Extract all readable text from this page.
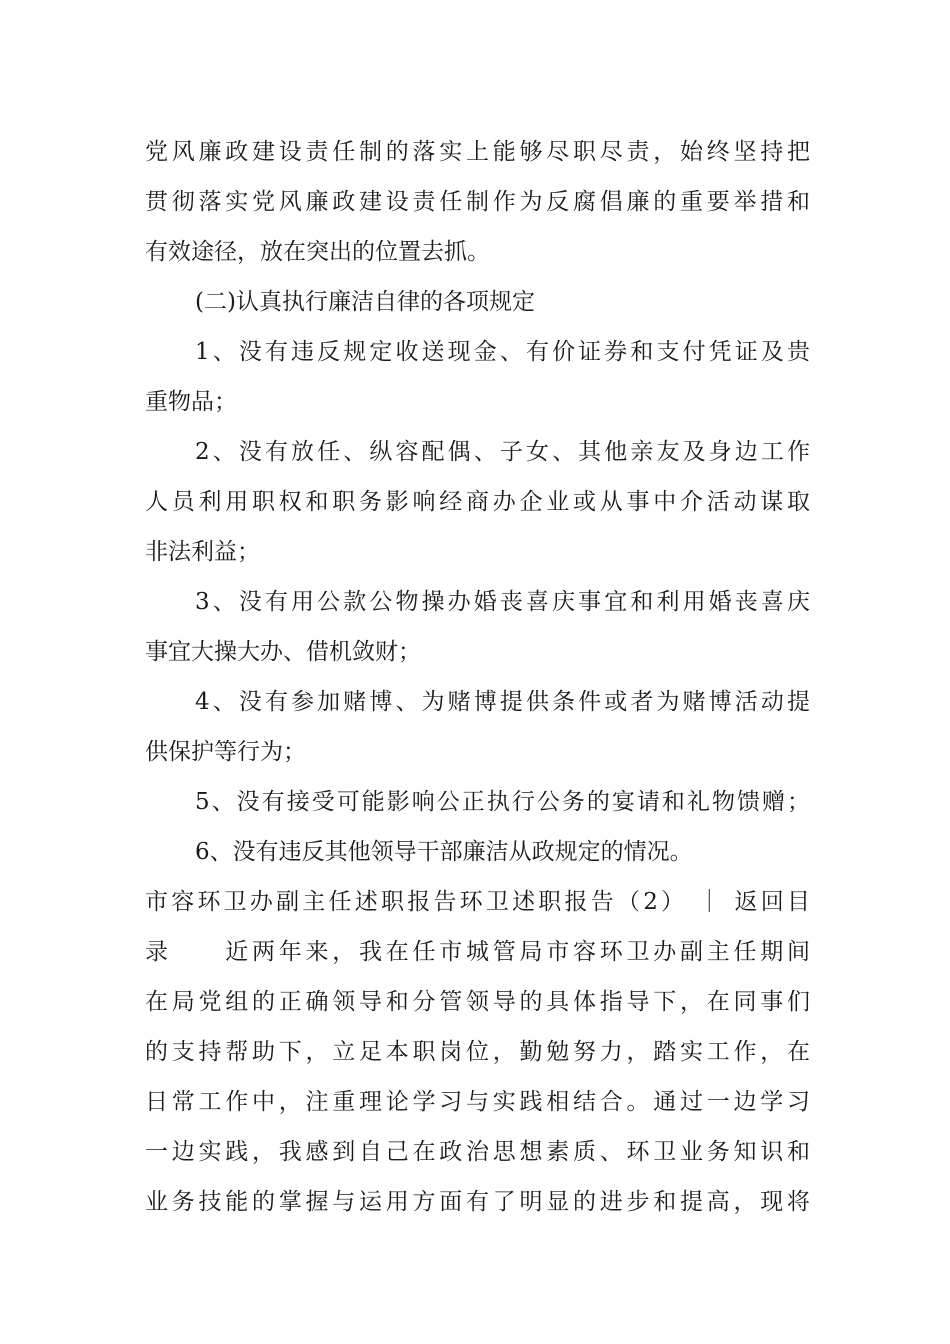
党风廉政建设责任制的落实上能够尽职尽责，始终坚持把
贯彻落实党风廉政建设责任制作为反腐倡廉的重要举措和
有效途径，放在突出的位置去抓。
(二)认真执行廉洁自律的各项规定
1、没有违反规定收送现金、有价证券和支付凭证及贵
重物品；
2、没有放任、纵容配偶、子女、其他亲友及身边工作
人员利用职权和职务影响经商办企业或从事中介活动谋取
非法利益；
3、没有用公款公物操办婚丧喜庆事宜和利用婚丧喜庆
事宜大操大办、借机敛财；
4、没有参加赌博、为赌博提供条件或者为赌博活动提
供保护等行为；
5、没有接受可能影响公正执行公务的宴请和礼物馈赠；
6、没有违反其他领导干部廉洁从政规定的情况。
市容环卫办副主任述职报告环卫述职报告（2） ｜ 返回目
录　　近两年来，我在任市城管局市容环卫办副主任期间
在局党组的正确领导和分管领导的具体指导下，在同事们
的支持帮助下，立足本职岗位，勤勉努力，踏实工作，在
日常工作中，注重理论学习与实践相结合。通过一边学习
一边实践，我感到自己在政治思想素质、环卫业务知识和
业务技能的掌握与运用方面有了明显的进步和提高，现将
